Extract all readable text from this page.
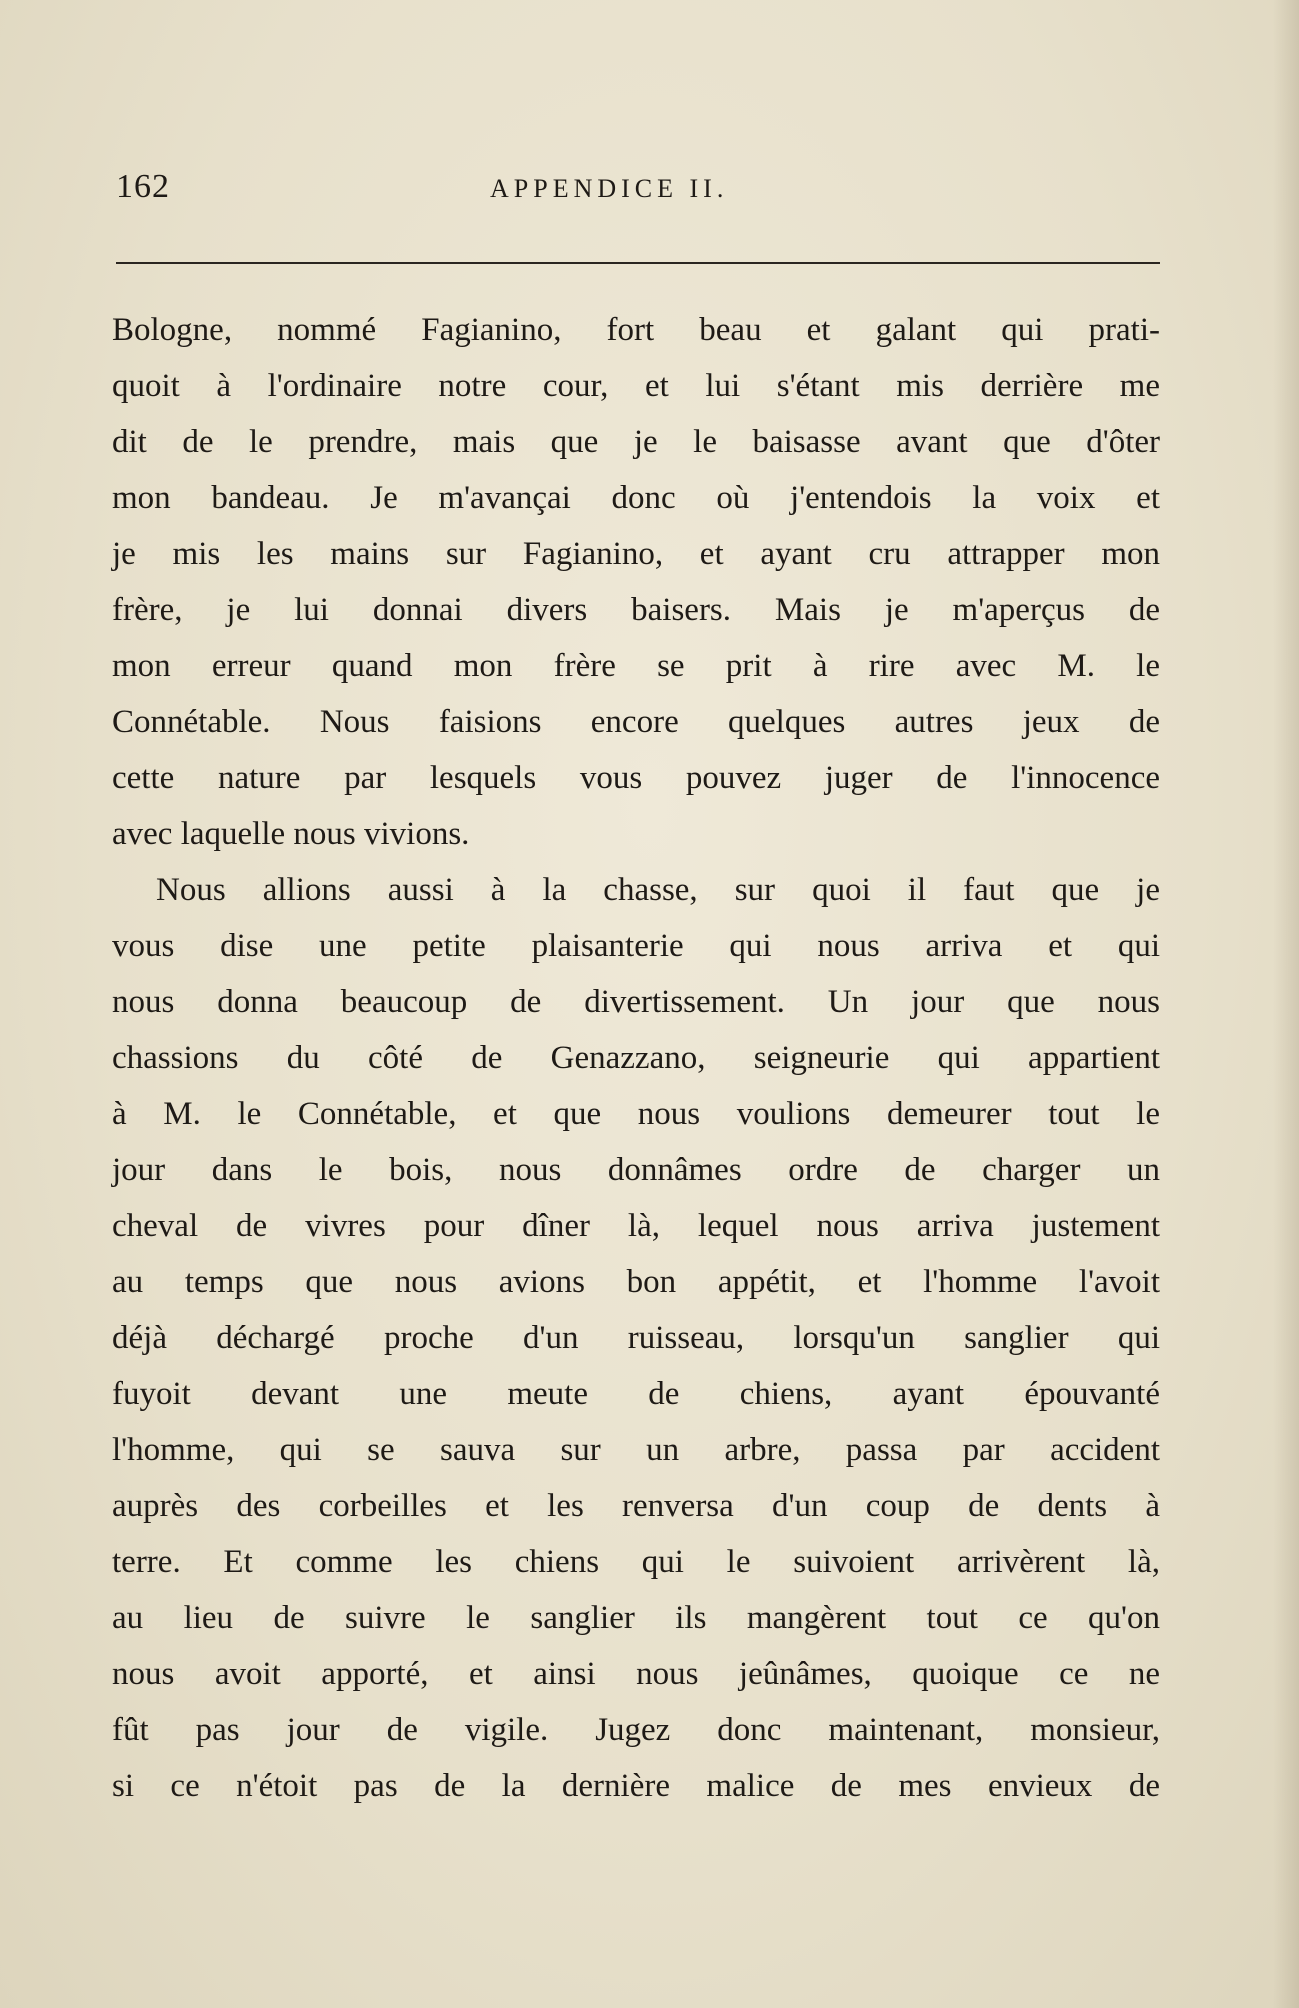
162	APPENDICE II.
Bologne, nommé Fagianino, fort beau et galant qui prati-
quoit à l'ordinaire notre cour, et lui s'étant mis derrière me
dit de le prendre, mais que je le baisasse avant que d'ôter
mon bandeau. Je m'avançai donc où j'entendois la voix et
je mis les mains sur Fagianino, et ayant cru attrapper mon
frère, je lui donnai divers baisers. Mais je m'aperçus de
mon erreur quand mon frère se prit à rire avec M. le
Connétable. Nous faisions encore quelques autres jeux de
cette nature par lesquels vous pouvez juger de l'innocence
avec laquelle nous vivions.
Nous allions aussi à la chasse, sur quoi il faut que je
vous dise une petite plaisanterie qui nous arriva et qui
nous donna beaucoup de divertissement. Un jour que nous
chassions du côté de Genazzano, seigneurie qui appartient
à M. le Connétable, et que nous voulions demeurer tout le
jour dans le bois, nous donnâmes ordre de charger un
cheval de vivres pour dîner là, lequel nous arriva justement
au temps que nous avions bon appétit, et l'homme l'avoit
déjà déchargé proche d'un ruisseau, lorsqu'un sanglier qui
fuyoit devant une meute de chiens, ayant épouvanté
l'homme, qui se sauva sur un arbre, passa par accident
auprès des corbeilles et les renversa d'un coup de dents à
terre. Et comme les chiens qui le suivoient arrivèrent là,
au lieu de suivre le sanglier ils mangèrent tout ce qu'on
nous avoit apporté, et ainsi nous jeûnâmes, quoique ce ne
fût pas jour de vigile. Jugez donc maintenant, monsieur,
si ce n'étoit pas de la dernière malice de mes envieux de
